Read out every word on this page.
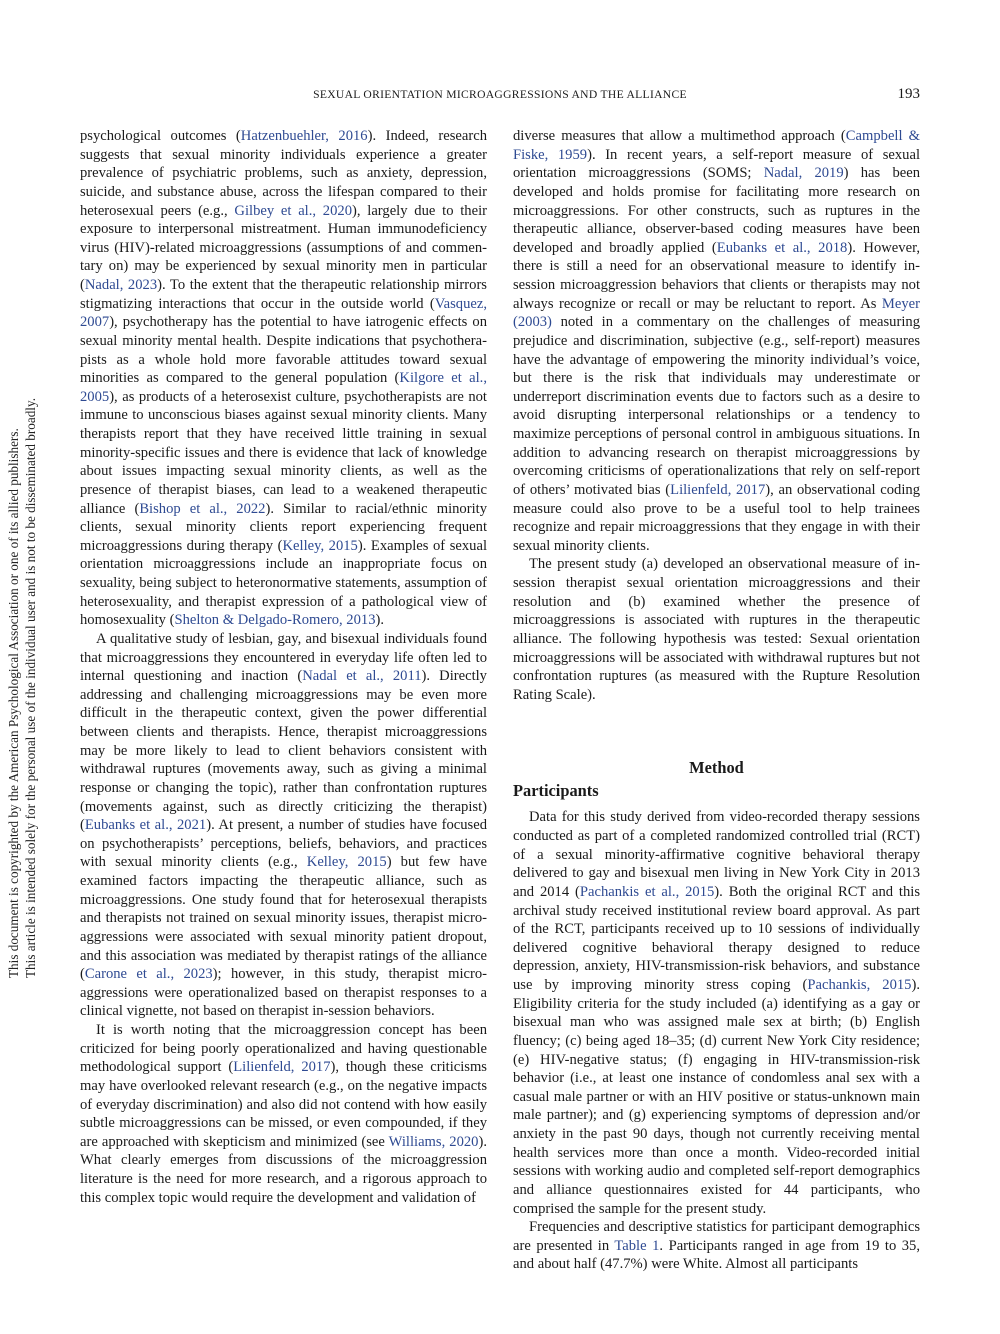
This document is copyrighted by the American Psychological Association or one of its allied publishers. This article is intended solely for the personal use of the individual user and is not to be disseminated broadly.
SEXUAL ORIENTATION MICROAGGRESSIONS AND THE ALLIANCE	193

psychological outcomes (Hatzenbuehler, 2016). Indeed, research suggests that sexual minority individuals experience a greater prevalence of psychiatric problems, such as anxiety, depression, suicide, and substance abuse, across the lifespan compared to their heterosexual peers (e.g., Gilbey et al., 2020), largely due to their exposure to interpersonal mistreatment. Human immunodeficiency virus (HIV)-related microaggressions (assumptions of and commentary on) may be experienced by sexual minority men in particular (Nadal, 2023). To the extent that the therapeutic relationship mirrors stigmatizing interactions that occur in the outside world (Vasquez, 2007), psychotherapy has the potential to have iatrogenic effects on sexual minority mental health. Despite indications that psychotherapists as a whole hold more favorable attitudes toward sexual minorities as compared to the general population (Kilgore et al., 2005), as products of a heterosexist culture, psychotherapists are not immune to unconscious biases against sexual minority clients. Many therapists report that they have received little training in sexual minority-specific issues and there is evidence that lack of knowledge about issues impacting sexual minority clients, as well as the presence of therapist biases, can lead to a weakened therapeutic alliance (Bishop et al., 2022). Similar to racial/ethnic minority clients, sexual minority clients report experiencing frequent microaggressions during therapy (Kelley, 2015). Examples of sexual orientation microaggressions include an inappropriate focus on sexuality, being subject to heteronormative statements, assumption of heterosexuality, and therapist expression of a pathological view of homosexuality (Shelton & Delgado-Romero, 2013).

A qualitative study of lesbian, gay, and bisexual individuals found that microaggressions they encountered in everyday life often led to internal questioning and inaction (Nadal et al., 2011). Directly addressing and challenging microaggressions may be even more difficult in the therapeutic context, given the power differential between clients and therapists. Hence, therapist microaggressions may be more likely to lead to client behaviors consistent with withdrawal ruptures (movements away, such as giving a minimal response or changing the topic), rather than confrontation ruptures (movements against, such as directly criticizing the therapist) (Eubanks et al., 2021). At present, a number of studies have focused on psychotherapists’ perceptions, beliefs, behaviors, and practices with sexual minority clients (e.g., Kelley, 2015) but few have examined factors impacting the therapeutic alliance, such as microaggressions. One study found that for heterosexual therapists and therapists not trained on sexual minority issues, therapist microaggressions were associated with sexual minority patient dropout, and this association was mediated by therapist ratings of the alliance (Carone et al., 2023); however, in this study, therapist microaggressions were operationalized based on therapist responses to a clinical vignette, not based on therapist in-session behaviors.

It is worth noting that the microaggression concept has been criticized for being poorly operationalized and having questionable methodological support (Lilienfeld, 2017), though these criticisms may have overlooked relevant research (e.g., on the negative impacts of everyday discrimination) and also did not contend with how easily subtle microaggressions can be missed, or even compounded, if they are approached with skepticism and minimized (see Williams, 2020). What clearly emerges from discussions of the microaggression literature is the need for more research, and a rigorous approach to this complex topic would require the development and validation of

diverse measures that allow a multimethod approach (Campbell & Fiske, 1959). In recent years, a self-report measure of sexual orientation microaggressions (SOMS; Nadal, 2019) has been developed and holds promise for facilitating more research on microaggressions. For other constructs, such as ruptures in the therapeutic alliance, observer-based coding measures have been developed and broadly applied (Eubanks et al., 2018). However, there is still a need for an observational measure to identify in-session microaggression behaviors that clients or therapists may not always recognize or recall or may be reluctant to report. As Meyer (2003) noted in a commentary on the challenges of measuring prejudice and discrimination, subjective (e.g., self-report) measures have the advantage of empowering the minority individual’s voice, but there is the risk that individuals may underestimate or underreport discrimination events due to factors such as a desire to avoid disrupting interpersonal relationships or a tendency to maximize perceptions of personal control in ambiguous situations. In addition to advancing research on therapist microaggressions by overcoming criticisms of operationalizations that rely on self-report of others’ motivated bias (Lilienfeld, 2017), an observational coding measure could also prove to be a useful tool to help trainees recognize and repair microaggressions that they engage in with their sexual minority clients.

The present study (a) developed an observational measure of in-session therapist sexual orientation microaggressions and their resolution and (b) examined whether the presence of microaggressions is associated with ruptures in the therapeutic alliance. The following hypothesis was tested: Sexual orientation microaggressions will be associated with withdrawal ruptures but not confrontation ruptures (as measured with the Rupture Resolution Rating Scale).

Method
Participants

Data for this study derived from video-recorded therapy sessions conducted as part of a completed randomized controlled trial (RCT) of a sexual minority-affirmative cognitive behavioral therapy delivered to gay and bisexual men living in New York City in 2013 and 2014 (Pachankis et al., 2015). Both the original RCT and this archival study received institutional review board approval. As part of the RCT, participants received up to 10 sessions of individually delivered cognitive behavioral therapy designed to reduce depression, anxiety, HIV-transmission-risk behaviors, and substance use by improving minority stress coping (Pachankis, 2015). Eligibility criteria for the study included (a) identifying as a gay or bisexual man who was assigned male sex at birth; (b) English fluency; (c) being aged 18–35; (d) current New York City residence; (e) HIV-negative status; (f) engaging in HIV-transmission-risk behavior (i.e., at least one instance of condomless anal sex with a casual male partner or with an HIV positive or status-unknown main male partner); and (g) experiencing symptoms of depression and/or anxiety in the past 90 days, though not currently receiving mental health services more than once a month. Video-recorded initial sessions with working audio and completed self-report demographics and alliance questionnaires existed for 44 participants, who comprised the sample for the present study.

Frequencies and descriptive statistics for participant demographics are presented in Table 1. Participants ranged in age from 19 to 35, and about half (47.7%) were White. Almost all participants
